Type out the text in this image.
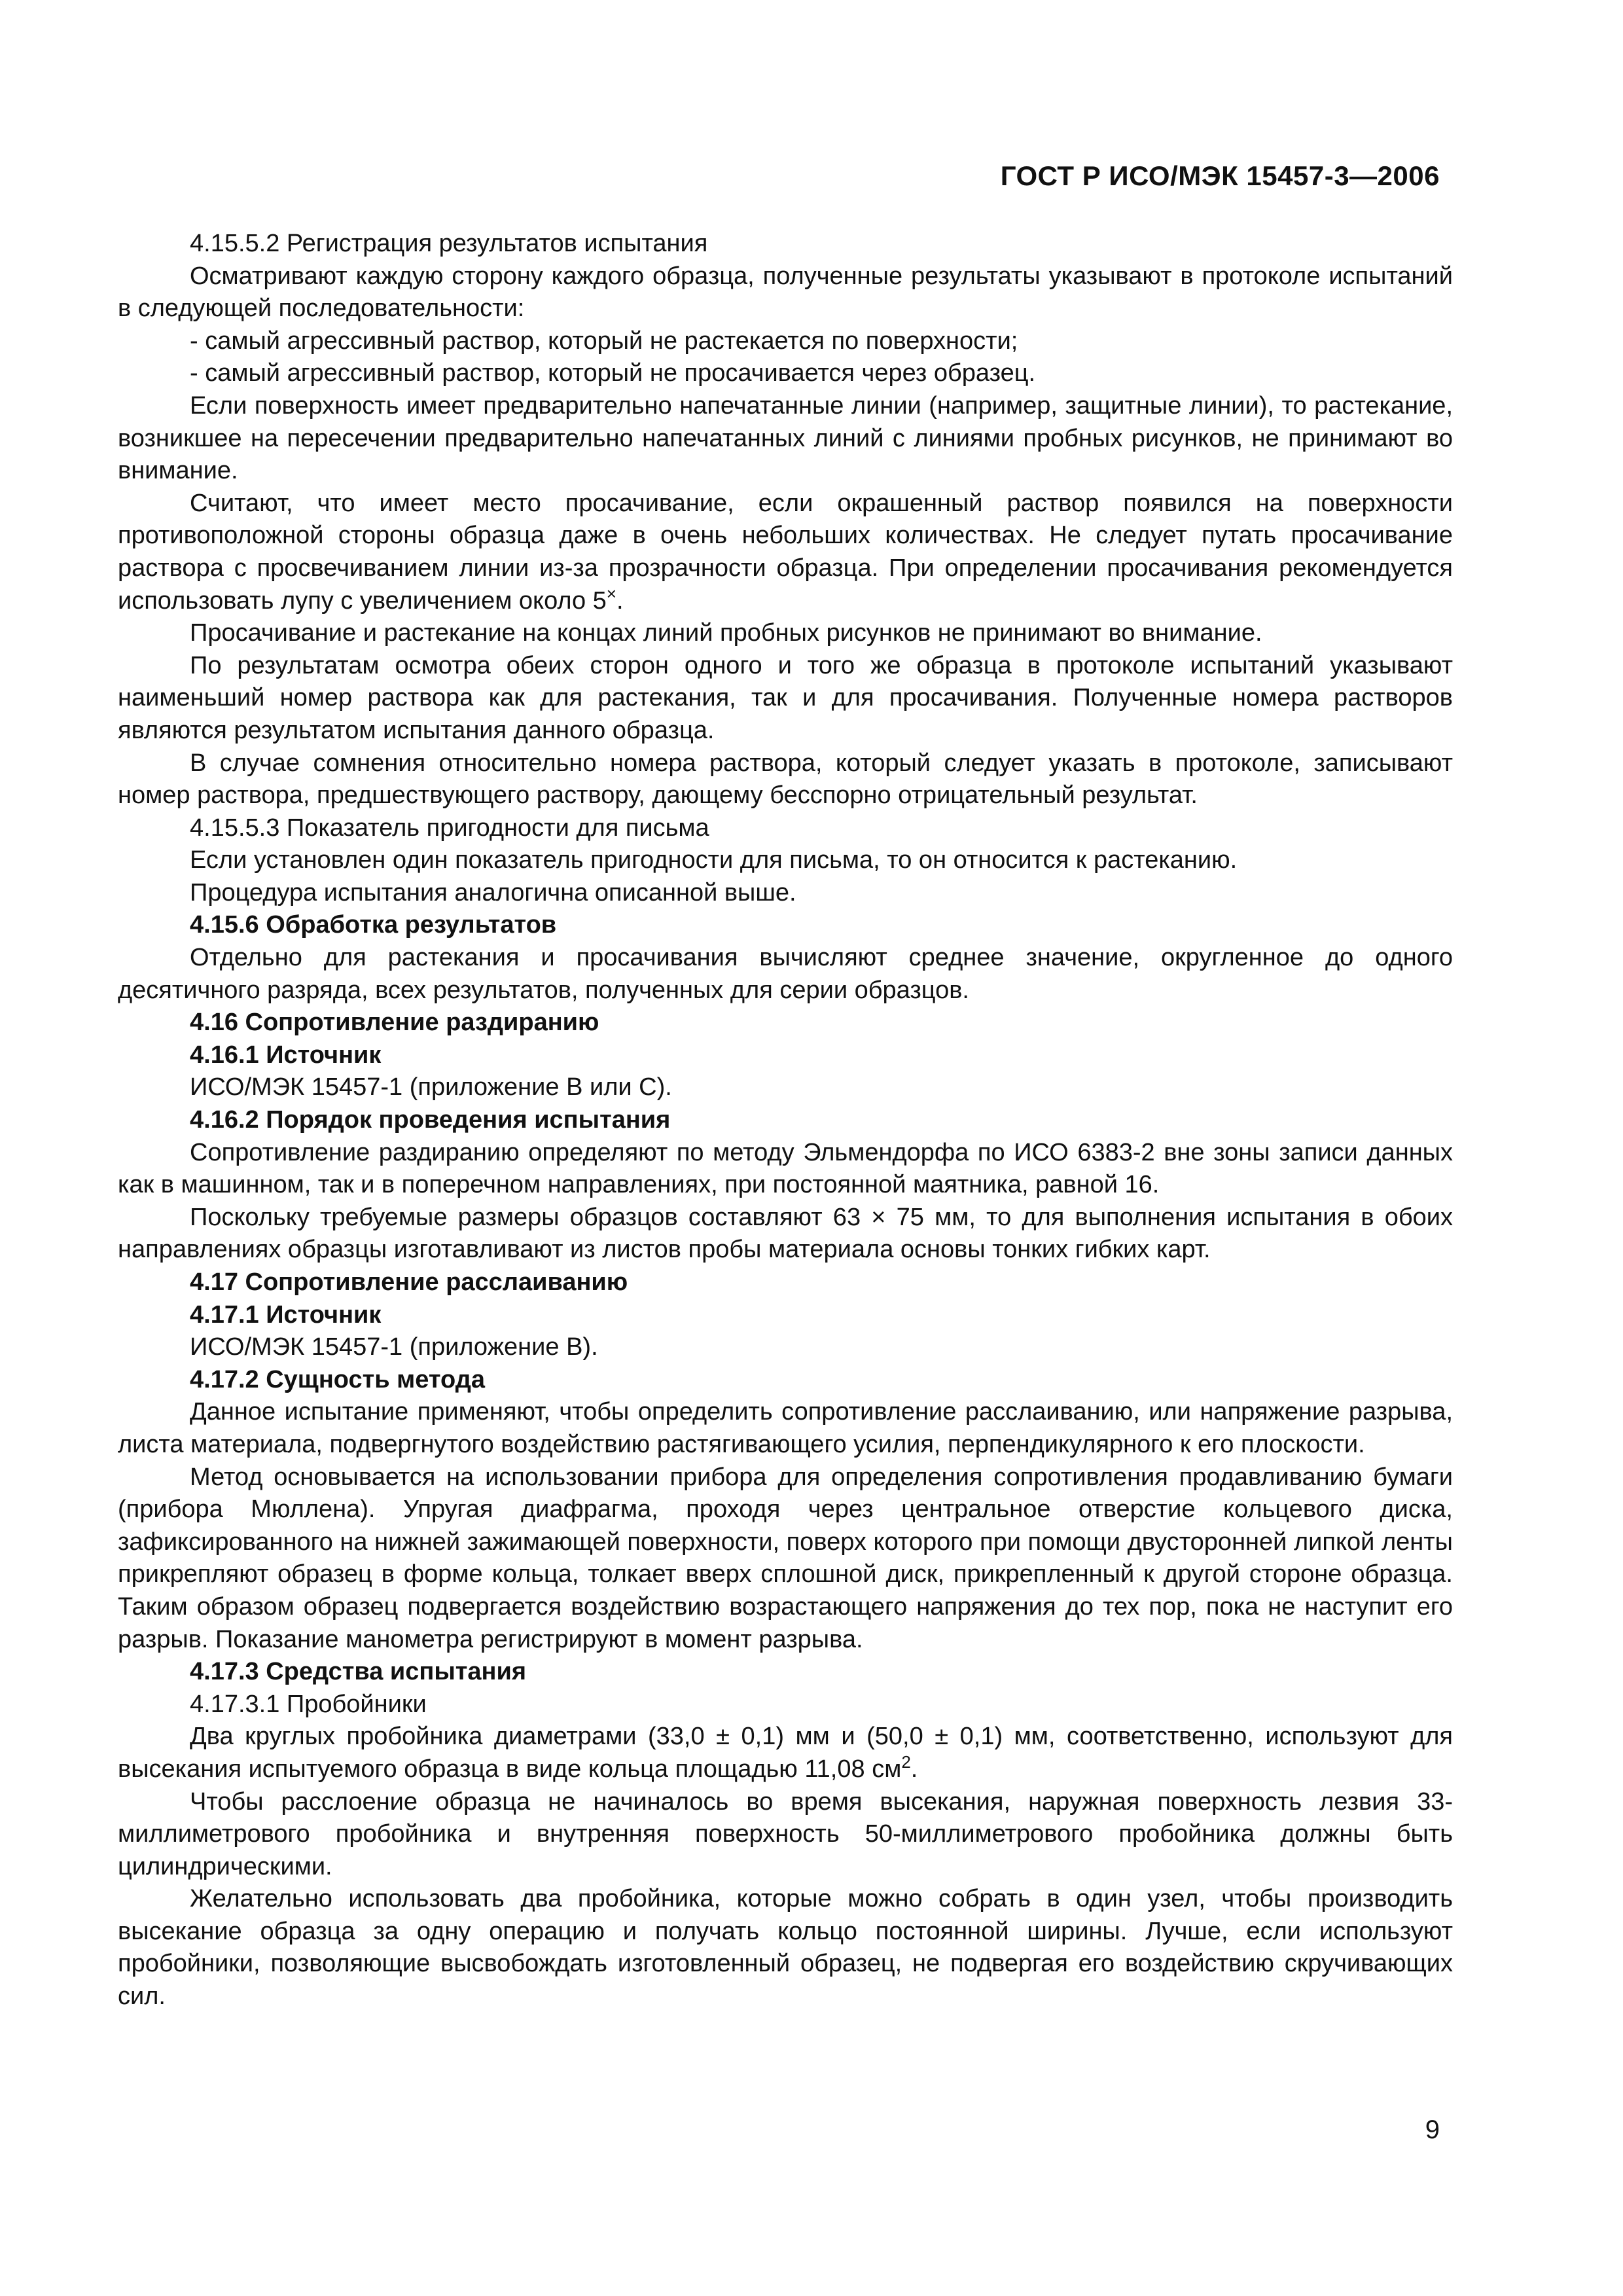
ГОСТ Р ИСО/МЭК 15457-3—2006

4.15.5.2 Регистрация результатов испытания

Осматривают каждую сторону каждого образца, полученные результаты указывают в протоколе испытаний в следующей последовательности:

- самый агрессивный раствор, который не растекается по поверхности;

- самый агрессивный раствор, который не просачивается через образец.

Если поверхность имеет предварительно напечатанные линии (например, защитные линии), то растекание, возникшее на пересечении предварительно напечатанных линий с линиями пробных рисунков, не принимают во внимание.

Считают, что имеет место просачивание, если окрашенный раствор появился на поверхности противоположной стороны образца даже в очень небольших количествах. Не следует путать просачивание раствора с просвечиванием линии из-за прозрачности образца. При определении просачивания рекомендуется использовать лупу с увеличением около 5×.

Просачивание и растекание на концах линий пробных рисунков не принимают во внимание.

По результатам осмотра обеих сторон одного и того же образца в протоколе испытаний указывают наименьший номер раствора как для растекания, так и для просачивания. Полученные номера растворов являются результатом испытания данного образца.

В случае сомнения относительно номера раствора, который следует указать в протоколе, записывают номер раствора, предшествующего раствору, дающему бесспорно отрицательный результат.

4.15.5.3 Показатель пригодности для письма

Если установлен один показатель пригодности для письма, то он относится к растеканию.

Процедура испытания аналогична описанной выше.

4.15.6 Обработка результатов

Отдельно для растекания и просачивания вычисляют среднее значение, округленное до одного десятичного разряда, всех результатов, полученных для серии образцов.

4.16 Сопротивление раздиранию

4.16.1 Источник

ИСО/МЭК 15457-1 (приложение В или С).

4.16.2 Порядок проведения испытания

Сопротивление раздиранию определяют по методу Эльмендорфа по ИСО 6383-2 вне зоны записи данных как в машинном, так и в поперечном направлениях, при постоянной маятника, равной 16.

Поскольку требуемые размеры образцов составляют 63 × 75 мм, то для выполнения испытания в обоих направлениях образцы изготавливают из листов пробы материала основы тонких гибких карт.

4.17 Сопротивление расслаиванию

4.17.1 Источник

ИСО/МЭК 15457-1 (приложение В).

4.17.2 Сущность метода

Данное испытание применяют, чтобы определить сопротивление расслаиванию, или напряжение разрыва, листа материала, подвергнутого воздействию растягивающего усилия, перпендикулярного к его плоскости.

Метод основывается на использовании прибора для определения сопротивления продавливанию бумаги (прибора Мюллена). Упругая диафрагма, проходя через центральное отверстие кольцевого диска, зафиксированного на нижней зажимающей поверхности, поверх которого при помощи двусторонней липкой ленты прикрепляют образец в форме кольца, толкает вверх сплошной диск, прикрепленный к другой стороне образца. Таким образом образец подвергается воздействию возрастающего напряжения до тех пор, пока не наступит его разрыв. Показание манометра регистрируют в момент разрыва.

4.17.3 Средства испытания

4.17.3.1 Пробойники

Два круглых пробойника диаметрами (33,0 ± 0,1) мм и (50,0 ± 0,1) мм, соответственно, используют для высекания испытуемого образца в виде кольца площадью 11,08 $см^2$.

Чтобы расслоение образца не начиналось во время высекания, наружная поверхность лезвия 33-миллиметрового пробойника и внутренняя поверхность 50-миллиметрового пробойника должны быть цилиндрическими.

Желательно использовать два пробойника, которые можно собрать в один узел, чтобы производить высекание образца за одну операцию и получать кольцо постоянной ширины. Лучше, если используют пробойники, позволяющие высвобождать изготовленный образец, не подвергая его воздействию скручивающих сил.

9
